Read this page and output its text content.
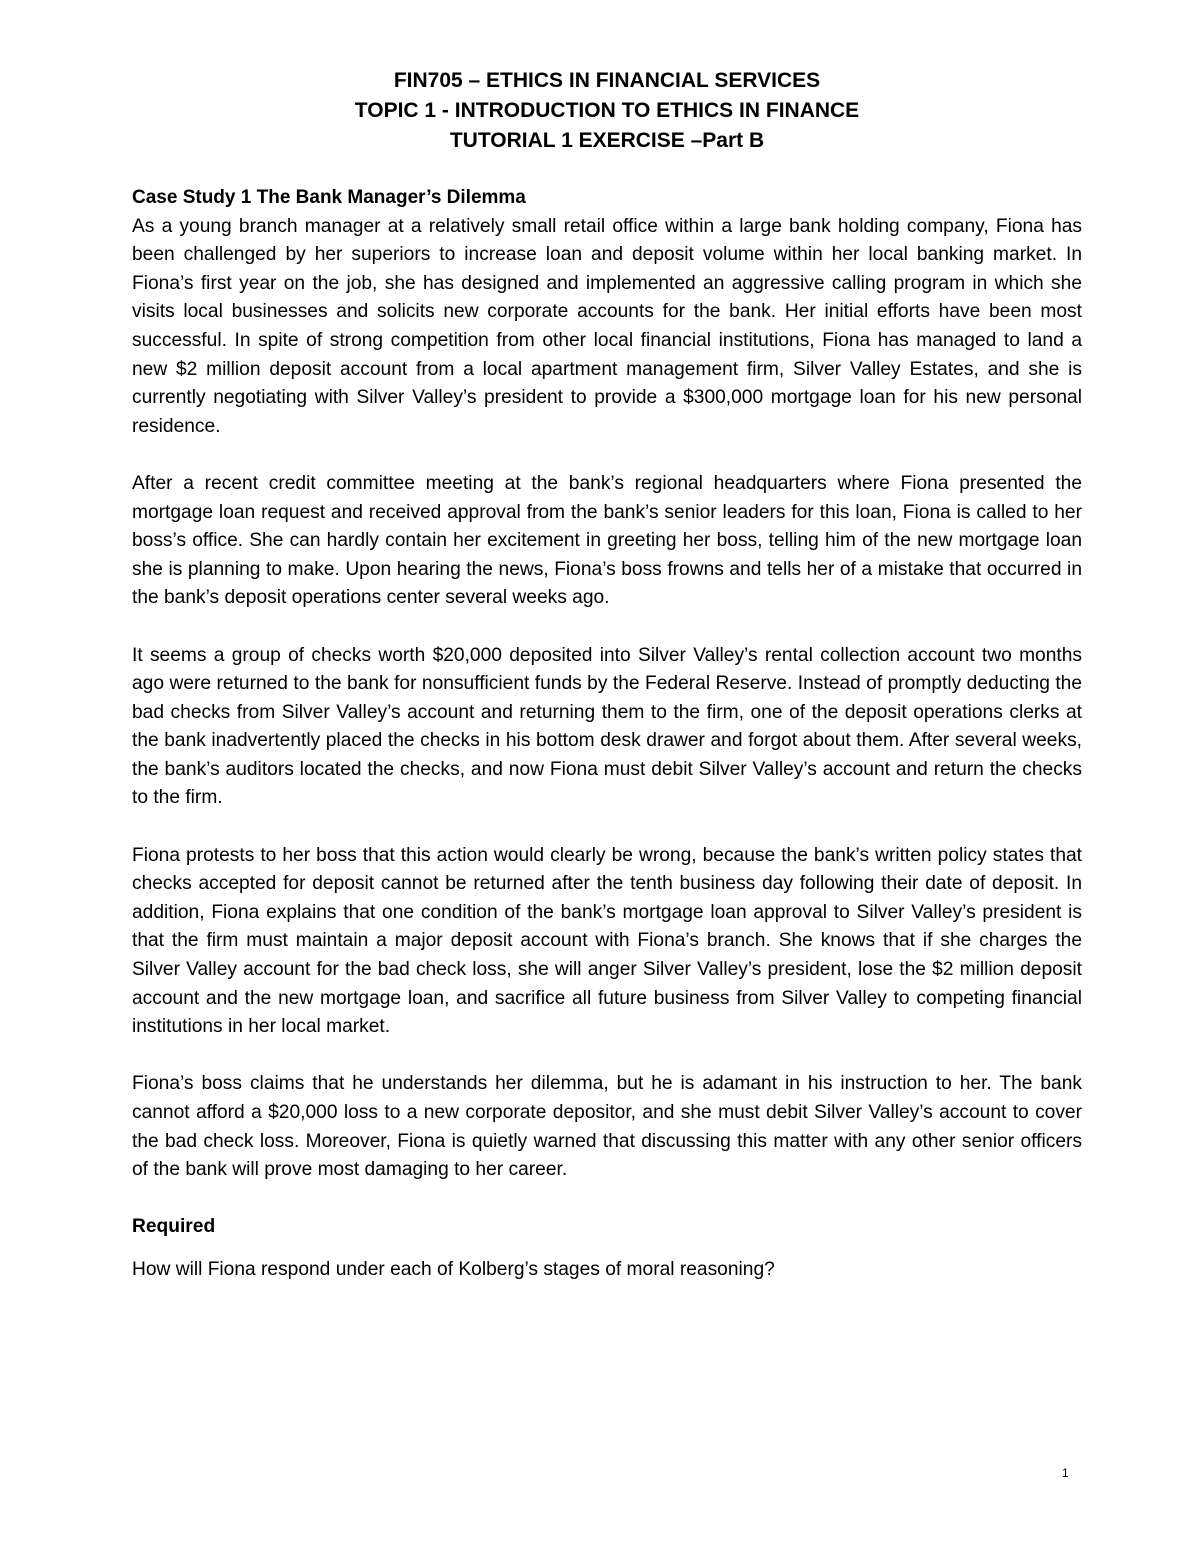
FIN705 – ETHICS IN FINANCIAL SERVICES
TOPIC 1 - INTRODUCTION TO ETHICS IN FINANCE
TUTORIAL 1 EXERCISE –Part B
Case Study 1 The Bank Manager’s Dilemma

As a young branch manager at a relatively small retail office within a large bank holding company, Fiona has been challenged by her superiors to increase loan and deposit volume within her local banking market. In Fiona’s first year on the job, she has designed and implemented an aggressive calling program in which she visits local businesses and solicits new corporate accounts for the bank. Her initial efforts have been most successful. In spite of strong competition from other local financial institutions, Fiona has managed to land a new $2 million deposit account from a local apartment management firm, Silver Valley Estates, and she is currently negotiating with Silver Valley’s president to provide a $300,000 mortgage loan for his new personal residence.

After a recent credit committee meeting at the bank’s regional headquarters where Fiona presented the mortgage loan request and received approval from the bank’s senior leaders for this loan, Fiona is called to her boss’s office. She can hardly contain her excitement in greeting her boss, telling him of the new mortgage loan she is planning to make. Upon hearing the news, Fiona’s boss frowns and tells her of a mistake that occurred in the bank’s deposit operations center several weeks ago.

It seems a group of checks worth $20,000 deposited into Silver Valley’s rental collection account two months ago were returned to the bank for nonsufficient funds by the Federal Reserve. Instead of promptly deducting the bad checks from Silver Valley’s account and returning them to the firm, one of the deposit operations clerks at the bank inadvertently placed the checks in his bottom desk drawer and forgot about them. After several weeks, the bank’s auditors located the checks, and now Fiona must debit Silver Valley’s account and return the checks to the firm.

Fiona protests to her boss that this action would clearly be wrong, because the bank’s written policy states that checks accepted for deposit cannot be returned after the tenth business day following their date of deposit. In addition, Fiona explains that one condition of the bank’s mortgage loan approval to Silver Valley’s president is that the firm must maintain a major deposit account with Fiona’s branch. She knows that if she charges the Silver Valley account for the bad check loss, she will anger Silver Valley’s president, lose the $2 million deposit account and the new mortgage loan, and sacrifice all future business from Silver Valley to competing financial institutions in her local market.

Fiona’s boss claims that he understands her dilemma, but he is adamant in his instruction to her. The bank cannot afford a $20,000 loss to a new corporate depositor, and she must debit Silver Valley’s account to cover the bad check loss. Moreover, Fiona is quietly warned that discussing this matter with any other senior officers of the bank will prove most damaging to her career.

Required

How will Fiona respond under each of Kolberg’s stages of moral reasoning?

1
